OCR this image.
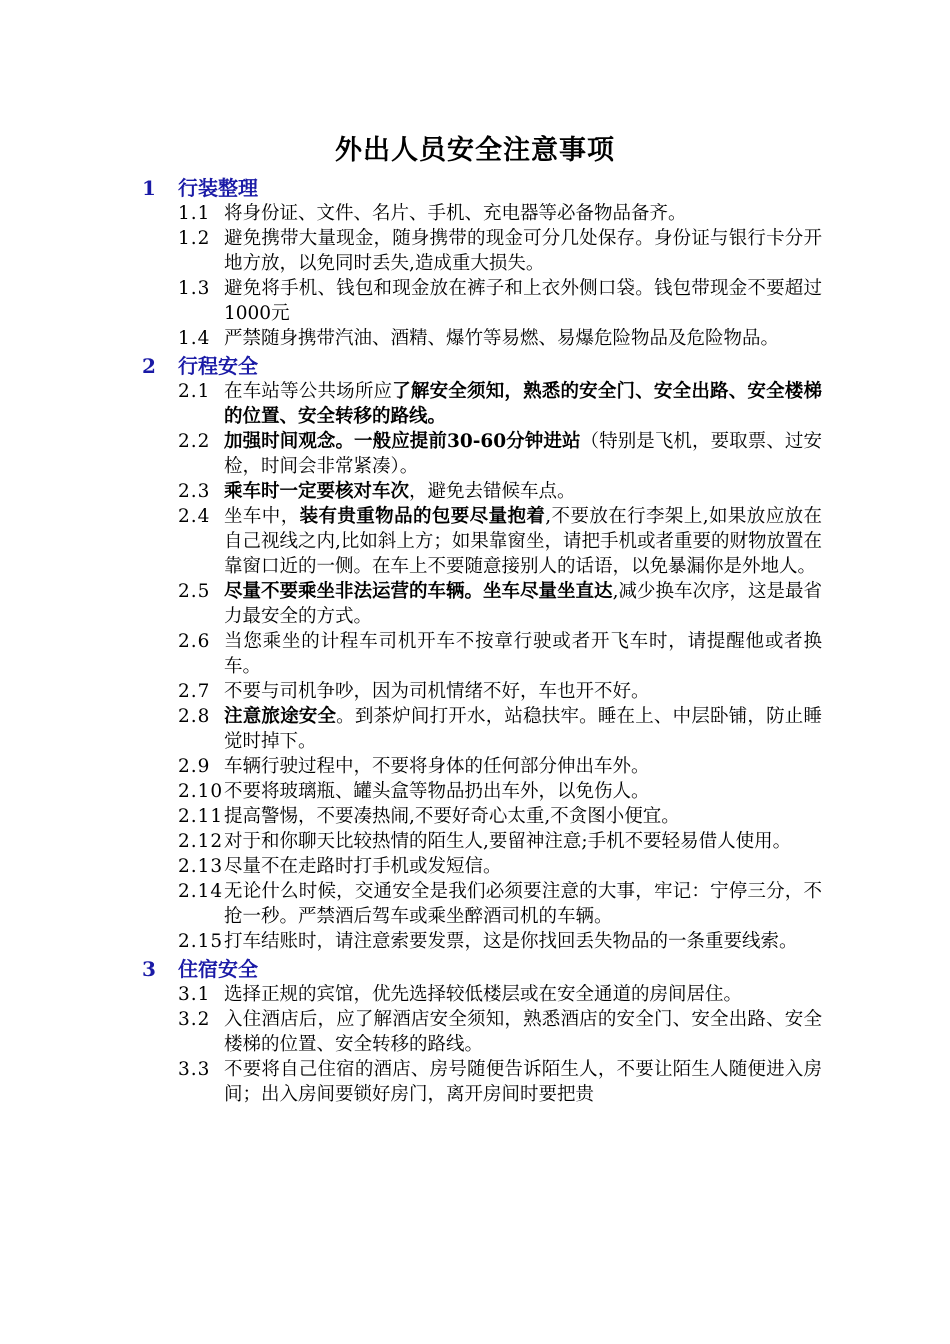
外出人员安全注意事项
1	行装整理
1.1 将身份证、文件、名片、手机、充电器等必备物品备齐。
1.2 避免携带大量现金，随身携带的现金可分几处保存。身份证与银行卡分开地方放，以免同时丢失,造成重大损失。
1.3 避免将手机、钱包和现金放在裤子和上衣外侧口袋。钱包带现金不要超过1000元
1.4 严禁随身携带汽油、酒精、爆竹等易燃、易爆危险物品及危险物品。
2	行程安全
2.1 在车站等公共场所应了解安全须知，熟悉的安全门、安全出路、安全楼梯的位置、安全转移的路线。
2.2 加强时间观念。一般应提前30-60分钟进站（特别是飞机，要取票、过安检，时间会非常紧凑）。
2.3 乘车时一定要核对车次，避免去错候车点。
2.4 坐车中，装有贵重物品的包要尽量抱着,不要放在行李架上,如果放应放在自己视线之内,比如斜上方；如果靠窗坐，请把手机或者重要的财物放置在靠窗口近的一侧。在车上不要随意接别人的话语，以免暴漏你是外地人。
2.5 尽量不要乘坐非法运营的车辆。坐车尽量坐直达,减少换车次序，这是最省力最安全的方式。
2.6 当您乘坐的计程车司机开车不按章行驶或者开飞车时，请提醒他或者换车。
2.7 不要与司机争吵，因为司机情绪不好，车也开不好。
2.8 注意旅途安全。到茶炉间打开水，站稳扶牢。睡在上、中层卧铺，防止睡觉时掉下。
2.9 车辆行驶过程中，不要将身体的任何部分伸出车外。
2.10 不要将玻璃瓶、罐头盒等物品扔出车外，以免伤人。
2.11 提高警惕，不要凑热闹,不要好奇心太重,不贪图小便宜。
2.12 对于和你聊天比较热情的陌生人,要留神注意;手机不要轻易借人使用。
2.13 尽量不在走路时打手机或发短信。
2.14 无论什么时候，交通安全是我们必须要注意的大事，牢记：宁停三分，不抢一秒。严禁酒后驾车或乘坐醉酒司机的车辆。
2.15 打车结账时，请注意索要发票，这是你找回丢失物品的一条重要线索。
3	住宿安全
3.1 选择正规的宾馆，优先选择较低楼层或在安全通道的房间居住。
3.2 入住酒店后，应了解酒店安全须知，熟悉酒店的安全门、安全出路、安全楼梯的位置、安全转移的路线。
3.3 不要将自己住宿的酒店、房号随便告诉陌生人，不要让陌生人随便进入房间；出入房间要锁好房门，离开房间时要把贵
